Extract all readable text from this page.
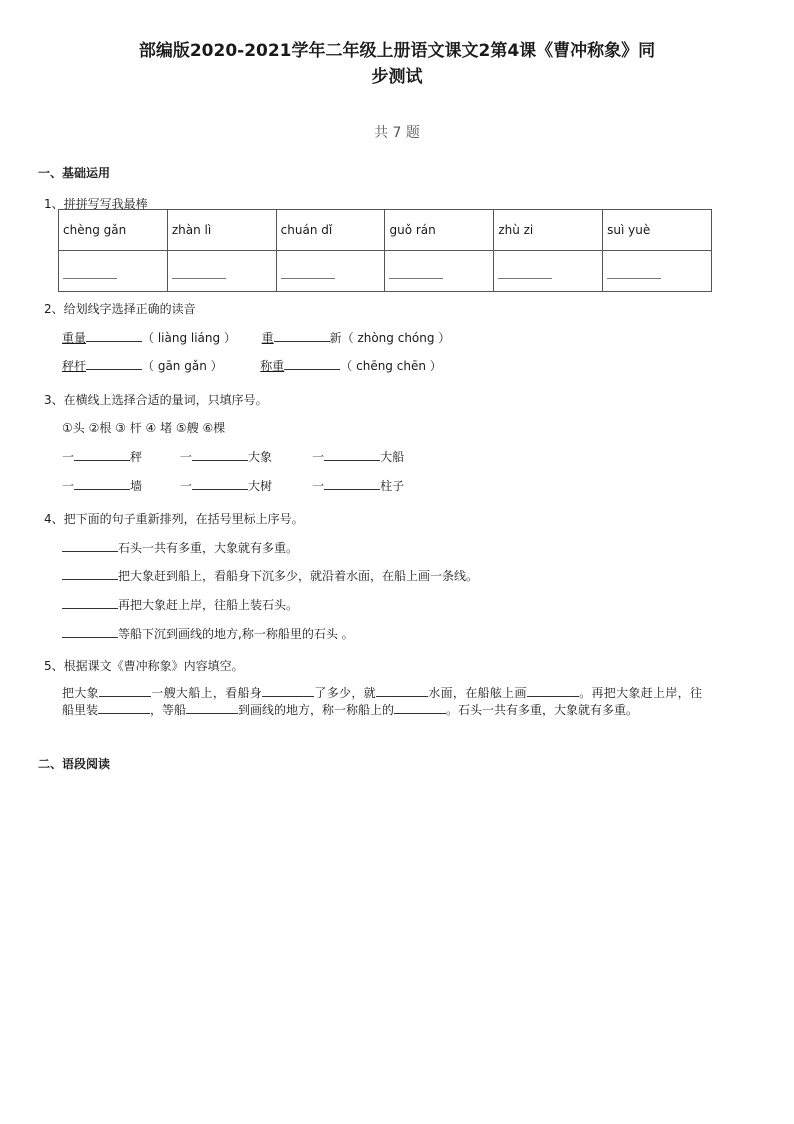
部编版2020-2021学年二年级上册语文课文2第4课《曹冲称象》同
步测试
共 7 题
一、基础运用
1、拼拼写写我最棒
chèng gǎn	zhàn lì	chuán dǐ	guǒ rán	zhù zi	suì yuè

2、给划线字选择正确的读音
重量	（ liàng liáng ） 重	新（ zhòng chóng ）
秤杆	（ gān gǎn ）	称重	（ chēng chēn ）
3、在横线上选择合适的量词，只填序号。
①头 ②根 ③ 杆 ④ 堵 ⑤艘 ⑥棵
一	秤	一	大象	一	大船
一	墙	一	大树	一	柱子
4、把下面的句子重新排列，在括号里标上序号。
石头一共有多重，大象就有多重。
把大象赶到船上，看船身下沉多少，就沿着水面，在船上画一条线。
再把大象赶上岸，往船上装石头。
等船下沉到画线的地方,称一称船里的石头 。
5、根据课文《曹冲称象》内容填空。
把大象	一艘大船上，看船身	了多少，就	水面，在船舷上画	。再把大象赶上岸，往船里装	，等船	到画线的地方，称一称船上的	。石头一共有多重，大象就有多重。
二、语段阅读
